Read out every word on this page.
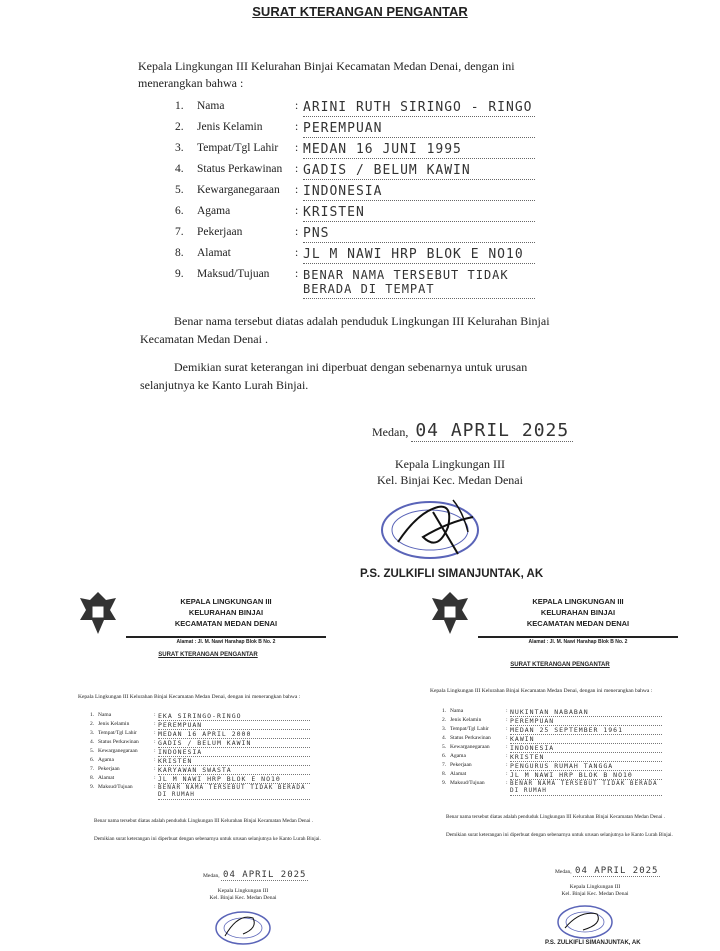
SURAT KTERANGAN PENGANTAR
Kepala Lingkungan III Kelurahan Binjai Kecamatan Medan Denai, dengan ini menerangkan bahwa :
1.	Nama	: ARINI RUTH SIRINGO - RINGO
2.	Jenis Kelamin	: PEREMPUAN
3.	Tempat/Tgl Lahir : MEDAN 16 JUNI 1995
4.	Status Perkawinan : GADIS / BELUM KAWIN
5.	Kewarganegaraan : INDONESIA
6.	Agama	: KRISTEN
7.	Pekerjaan	: PNS
8.	Alamat	: JL M NAWI HRP BLOK E NO10
9.	Maksud/Tujuan : BENAR NAMA TERSEBUT TIDAK BERADA DI TEMPAT
Benar nama tersebut diatas adalah penduduk Lingkungan III Kelurahan Binjai Kecamatan Medan Denai .
Demikian surat keterangan ini diperbuat dengan sebenarnya untuk urusan selanjutnya ke Kanto Lurah Binjai.
Medan, 04 APRIL 2025
Kepala Lingkungan III
Kel. Binjai Kec. Medan Denai
P.S. ZULKIFLI SIMANJUNTAK, AK
KEPALA LINGKUNGAN III
KELURAHAN BINJAI
KECAMATAN MEDAN DENAI
Alamat : Jl. M. Nawi Harahap Blok B No. 2
SURAT KTERANGAN PENGANTAR
Kepala Lingkungan III Kelurahan Binjai Kecamatan Medan Denai, dengan ini menerangkan bahwa :
1. Nama	: EKA SIRINGO-RINGO
2. Jenis Kelamin	: PEREMPUAN
3. Tempat/Tgl Lahir	: MEDAN 16 APRIL 2000
4. Status Perkawinan	: GADIS / BELUM KAWIN
5. Kewarganegaraan	: INDONESIA
6. Agama	: KRISTEN
7. Pekerjaan	: KARYAWAN SWASTA
8. Alamat	: JL M NAWI HRP BLOK E NO10
9. Maksud/Tujuan	: BENAR NAMA TERSEBUT TIDAK BERADA DI RUMAH
Benar nama tersebut diatas adalah penduduk Lingkungan III Kelurahan Binjai Kecamatan Medan Denai .
Demikian surat keterangan ini diperbuat dengan sebenarnya untuk urusan selanjutnya ke Kanto Lurah Binjai.
Medan, 04 APRIL 2025
Kepala Lingkungan III
Kel. Binjai Kec. Medan Denai
KEPALA LINGKUNGAN III
KELURAHAN BINJAI
KECAMATAN MEDAN DENAI
Alamat : Jl. M. Nawi Harahap Blok B No. 2
SURAT KTERANGAN PENGANTAR
Kepala Lingkungan III Kelurahan Binjai Kecamatan Medan Denai, dengan ini menerangkan bahwa :
1. Nama	: NUKINTAN NABABAN
2. Jenis Kelamin	: PEREMPUAN
3. Tempat/Tgl Lahir	: MEDAN 25 SEPTEMBER 1961
4. Status Perkawinan	: KAWIN
5. Kewarganegaraan	: INDONESIA
6. Agama	: KRISTEN
7. Pekerjaan	: PENGURUS RUMAH TANGGA
8. Alamat	: JL M NAWI HRP BLOK B NO10
9. Maksud/Tujuan	: BENAR NAMA TERSEBUT TIDAK BERADA DI RUMAH
Benar nama tersebut diatas adalah penduduk Lingkungan III Kelurahan Binjai Kecamatan Medan Denai .
Demikian surat keterangan ini diperbuat dengan sebenarnya untuk urusan selanjutnya ke Kanto Lurah Binjai.
Medan, 04 APRIL 2025
Kepala Lingkungan III
Kel. Binjai Kec. Medan Denai
P.S. ZULKIFLI SIMANJUNTAK, AK
